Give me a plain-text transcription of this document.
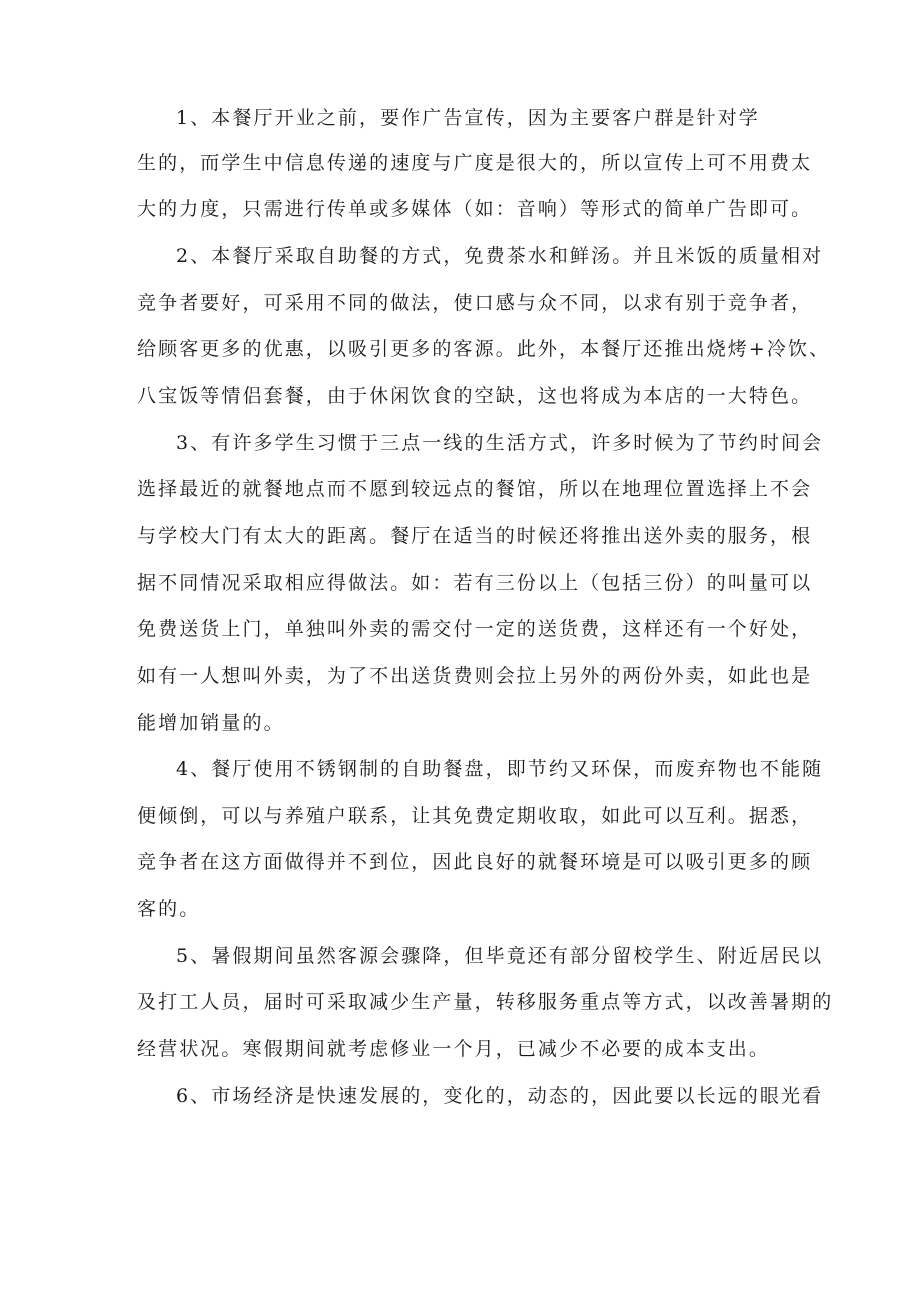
1、本餐厅开业之前，要作广告宣传，因为主要客户群是针对学
生的，而学生中信息传递的速度与广度是很大的，所以宣传上可不用费太
大的力度，只需进行传单或多媒体（如：音响）等形式的简单广告即可。
2、本餐厅采取自助餐的方式，免费茶水和鲜汤。并且米饭的质量相对
竞争者要好，可采用不同的做法，使口感与众不同，以求有别于竞争者，
给顾客更多的优惠，以吸引更多的客源。此外，本餐厅还推出烧烤+冷饮、
八宝饭等情侣套餐，由于休闲饮食的空缺，这也将成为本店的一大特色。
3、有许多学生习惯于三点一线的生活方式，许多时候为了节约时间会
选择最近的就餐地点而不愿到较远点的餐馆，所以在地理位置选择上不会
与学校大门有太大的距离。餐厅在适当的时候还将推出送外卖的服务，根
据不同情况采取相应得做法。如：若有三份以上（包括三份）的叫量可以
免费送货上门，单独叫外卖的需交付一定的送货费，这样还有一个好处，
如有一人想叫外卖，为了不出送货费则会拉上另外的两份外卖，如此也是
能增加销量的。
4、餐厅使用不锈钢制的自助餐盘，即节约又环保，而废弃物也不能随
便倾倒，可以与养殖户联系，让其免费定期收取，如此可以互利。据悉，
竞争者在这方面做得并不到位，因此良好的就餐环境是可以吸引更多的顾
客的。
5、暑假期间虽然客源会骤降，但毕竟还有部分留校学生、附近居民以
及打工人员，届时可采取减少生产量，转移服务重点等方式，以改善暑期的
经营状况。寒假期间就考虑修业一个月，已减少不必要的成本支出。
6、市场经济是快速发展的，变化的，动态的，因此要以长远的眼光看
